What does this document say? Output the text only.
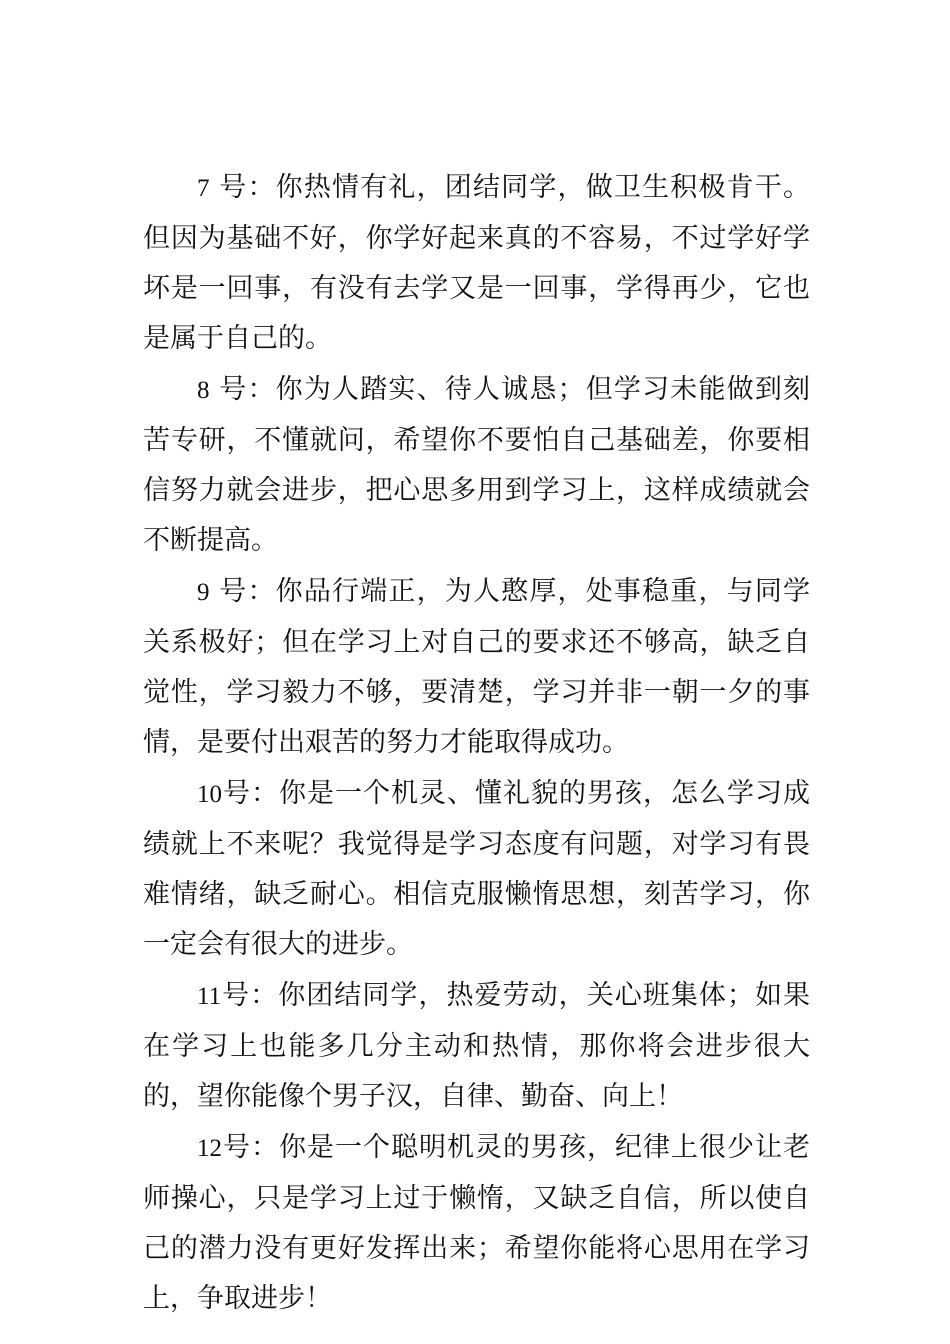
7 号：你热情有礼，团结同学，做卫生积极肯干。但因为基础不好，你学好起来真的不容易，不过学好学坏是一回事，有没有去学又是一回事，学得再少，它也是属于自己的。

8 号：你为人踏实、待人诚恳；但学习未能做到刻苦专研，不懂就问，希望你不要怕自己基础差，你要相信努力就会进步，把心思多用到学习上，这样成绩就会不断提高。

9 号：你品行端正，为人憨厚，处事稳重，与同学关系极好；但在学习上对自己的要求还不够高，缺乏自觉性，学习毅力不够，要清楚，学习并非一朝一夕的事情，是要付出艰苦的努力才能取得成功。

10号：你是一个机灵、懂礼貌的男孩，怎么学习成绩就上不来呢？我觉得是学习态度有问题，对学习有畏难情绪，缺乏耐心。相信克服懒惰思想，刻苦学习，你一定会有很大的进步。

11号：你团结同学，热爱劳动，关心班集体；如果在学习上也能多几分主动和热情，那你将会进步很大的，望你能像个男子汉，自律、勤奋、向上！

12号：你是一个聪明机灵的男孩，纪律上很少让老师操心，只是学习上过于懒惰，又缺乏自信，所以使自己的潜力没有更好发挥出来；希望你能将心思用在学习上，争取进步！
